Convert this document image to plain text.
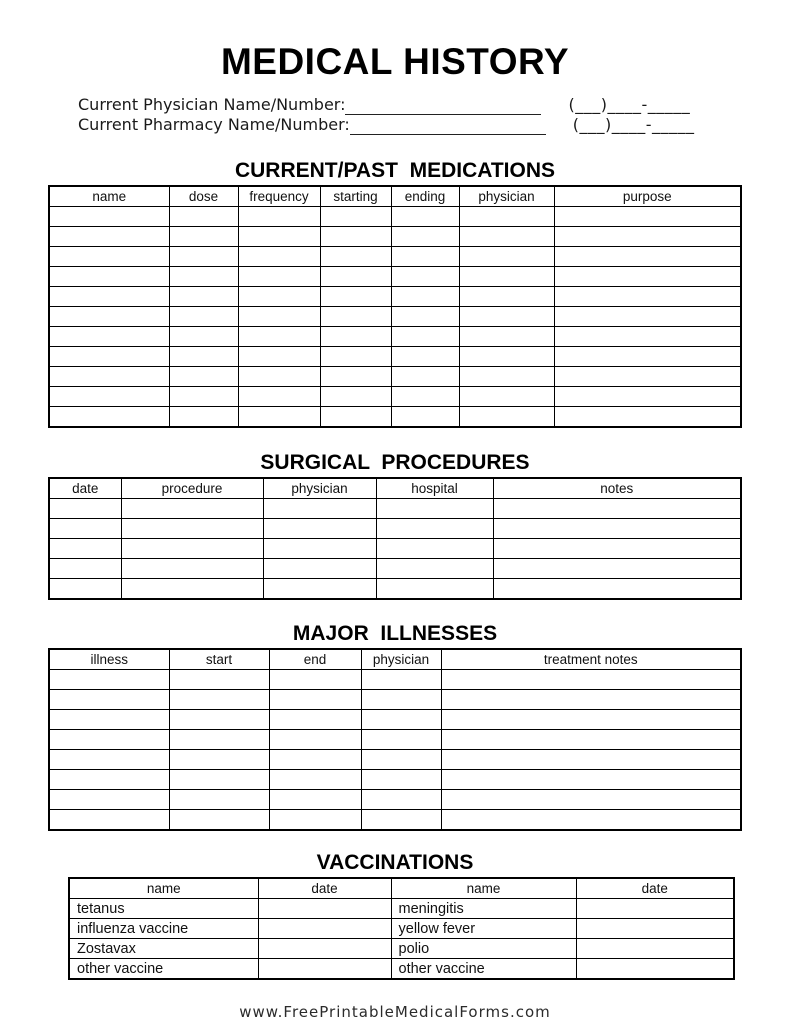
MEDICAL HISTORY
Current Physician Name/Number:	(___)____-_____
Current Pharmacy Name/Number:	(___)____-_____
CURRENT/PAST  MEDICATIONS
name	dose	frequency	starting	ending	physician	purpose

SURGICAL  PROCEDURES
date	procedure	physician	hospital	notes

MAJOR  ILLNESSES
illness	start	end	physician	treatment notes

VACCINATIONS
name	date	name	date
tetanus		meningitis	
influenza vaccine		yellow fever	
Zostavax		polio	
other vaccine		other vaccine	
www.FreePrintableMedicalForms.com
